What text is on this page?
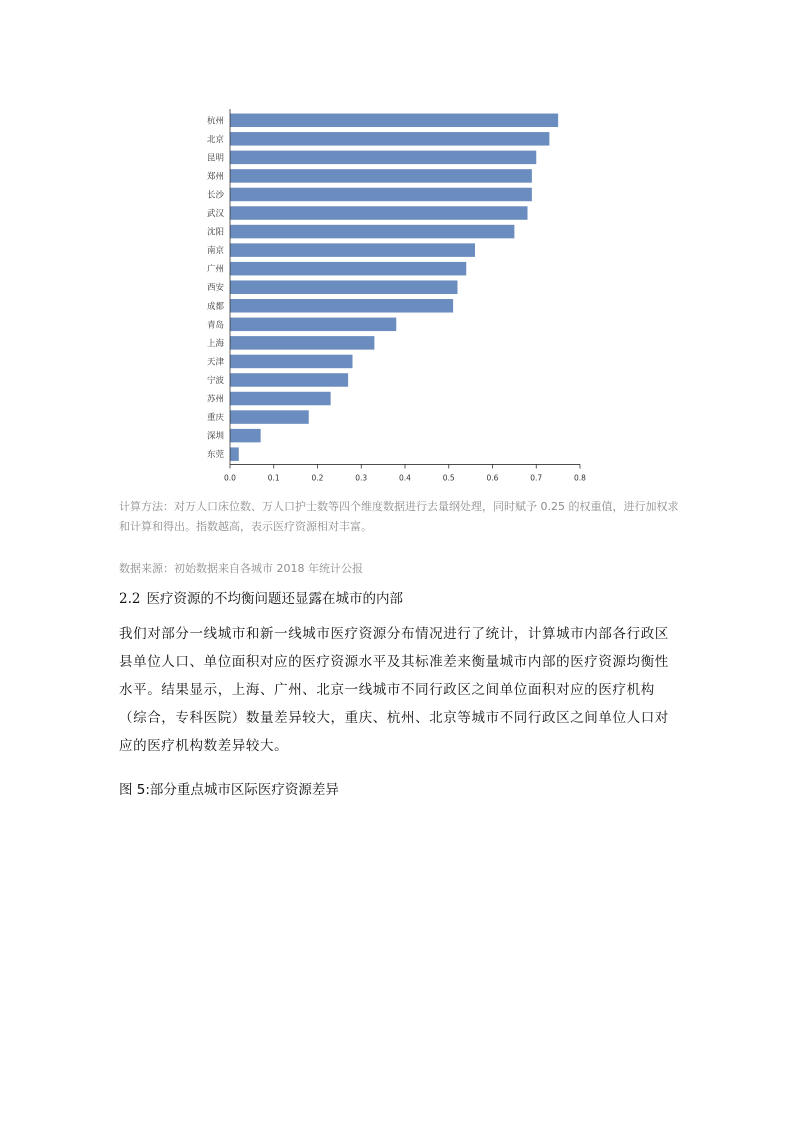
杭州
北京
昆明
郑州
长沙
武汉
沈阳
南京
广州
西安
成都
青岛
上海
天津
宁波
苏州
重庆
深圳
东莞
0.0	0.1	0.2	0.3	0.4	0.5	0.6	0.7	0.8
计算方法：对万人口床位数、万人口护士数等四个维度数据进行去量纲处理，同时赋予 0.25 的权重值，进行加权求和计算和得出。指数越高，表示医疗资源相对丰富。
数据来源：初始数据来自各城市 2018 年统计公报
2.2 医疗资源的不均衡问题还显露在城市的内部
我们对部分一线城市和新一线城市医疗资源分布情况进行了统计，计算城市内部各行政区县单位人口、单位面积对应的医疗资源水平及其标准差来衡量城市内部的医疗资源均衡性水平。结果显示，上海、广州、北京一线城市不同行政区之间单位面积对应的医疗机构（综合，专科医院）数量差异较大，重庆、杭州、北京等城市不同行政区之间单位人口对应的医疗机构数差异较大。
图 5:部分重点城市区际医疗资源差异
